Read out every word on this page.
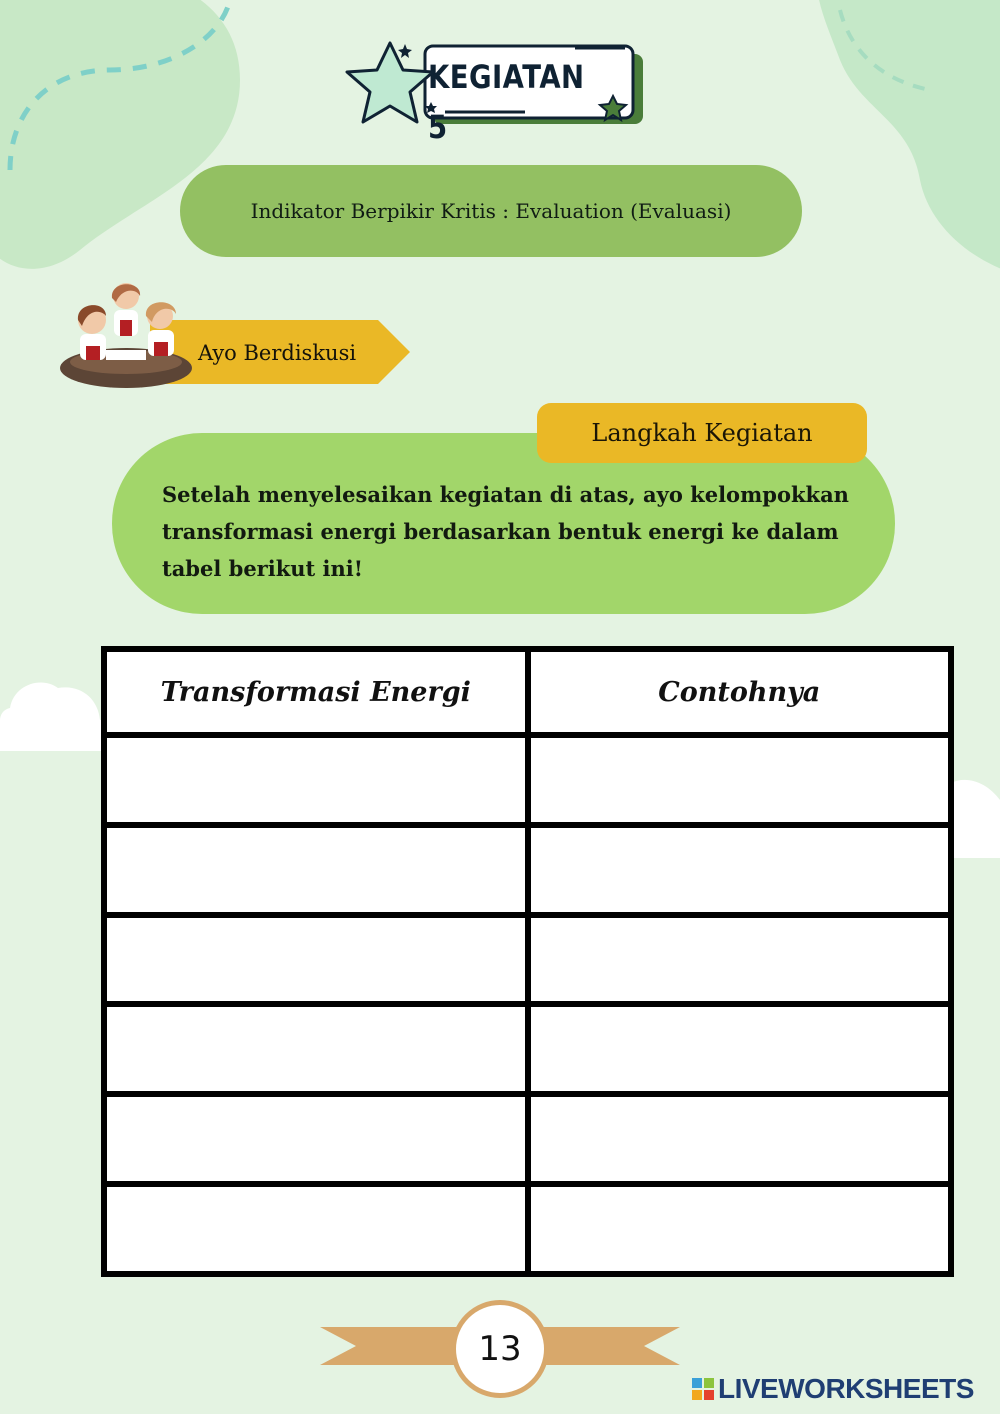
KEGIATAN 5
Indikator Berpikir Kritis : Evaluation (Evaluasi)
Ayo Berdiskusi
Langkah Kegiatan
Setelah menyelesaikan kegiatan di atas, ayo kelompokkan transformasi energi berdasarkan bentuk energi ke dalam tabel berikut ini!
Transformasi Energi	Contohnya

13
LIVEWORKSHEETS
